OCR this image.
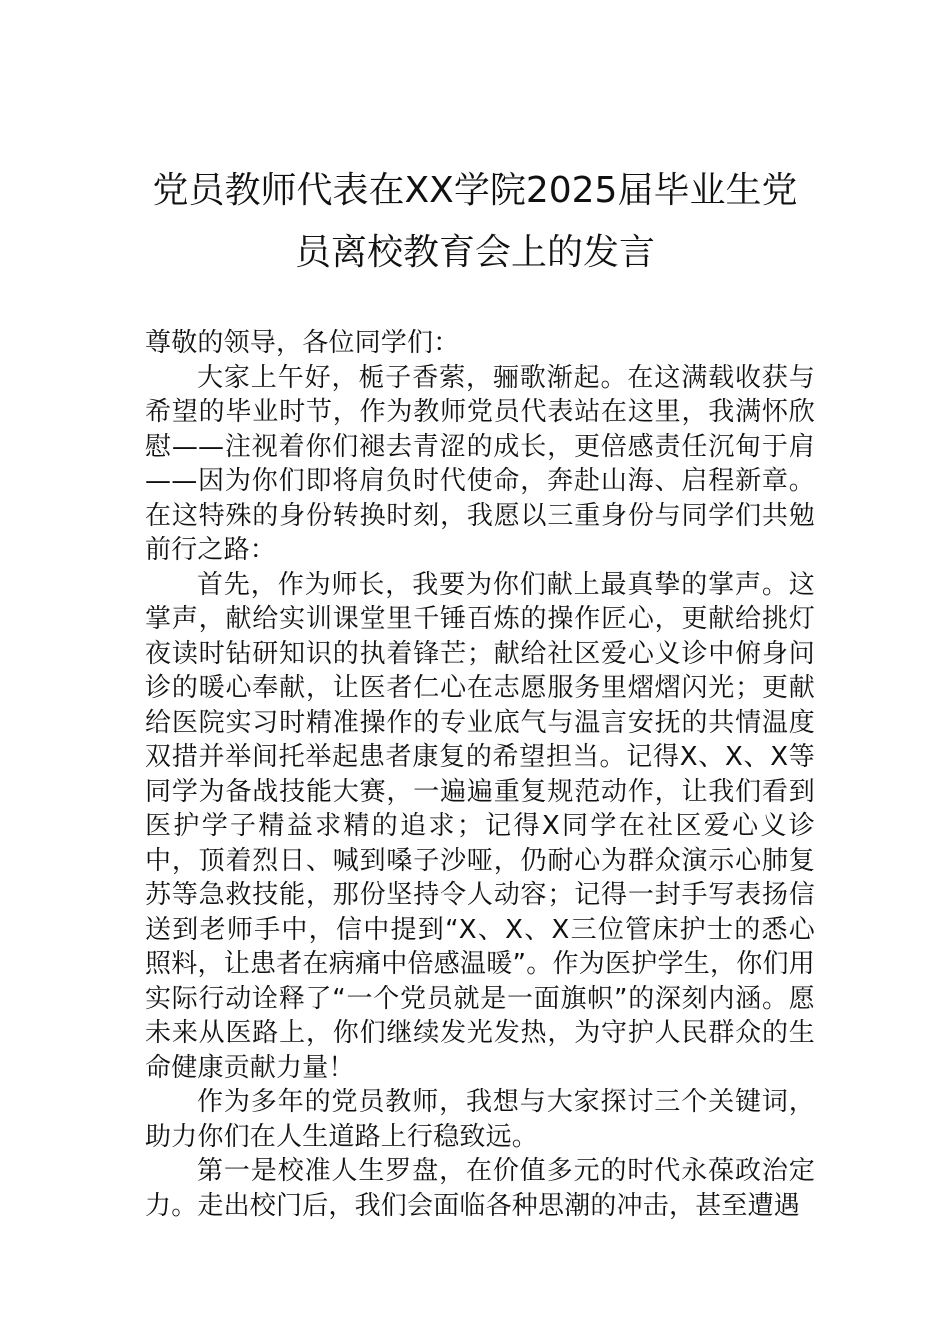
党员教师代表在XX学院2025届毕业生党
员离校教育会上的发言

尊敬的领导，各位同学们：

大家上午好，栀子香萦，骊歌渐起。在这满载收获与希望的毕业时节，作为教师党员代表站在这里，我满怀欣慰——注视着你们褪去青涩的成长，更倍感责任沉甸于肩——因为你们即将肩负时代使命，奔赴山海、启程新章。在这特殊的身份转换时刻，我愿以三重身份与同学们共勉前行之路：

首先，作为师长，我要为你们献上最真挚的掌声。这掌声，献给实训课堂里千锤百炼的操作匠心，更献给挑灯夜读时钻研知识的执着锋芒；献给社区爱心义诊中俯身问诊的暖心奉献，让医者仁心在志愿服务里熠熠闪光；更献给医院实习时精准操作的专业底气与温言安抚的共情温度双措并举间托举起患者康复的希望担当。记得X、X、X等同学为备战技能大赛，一遍遍重复规范动作，让我们看到医护学子精益求精的追求；记得X同学在社区爱心义诊中，顶着烈日、喊到嗓子沙哑，仍耐心为群众演示心肺复苏等急救技能，那份坚持令人动容；记得一封手写表扬信送到老师手中，信中提到“X、X、X三位管床护士的悉心照料，让患者在病痛中倍感温暖”。作为医护学生，你们用实际行动诠释了“一个党员就是一面旗帜”的深刻内涵。愿未来从医路上，你们继续发光发热，为守护人民群众的生命健康贡献力量！

作为多年的党员教师，我想与大家探讨三个关键词，助力你们在人生道路上行稳致远。

第一是校准人生罗盘，在价值多元的时代永葆政治定力。走出校门后，我们会面临各种思潮的冲击，甚至遭遇
